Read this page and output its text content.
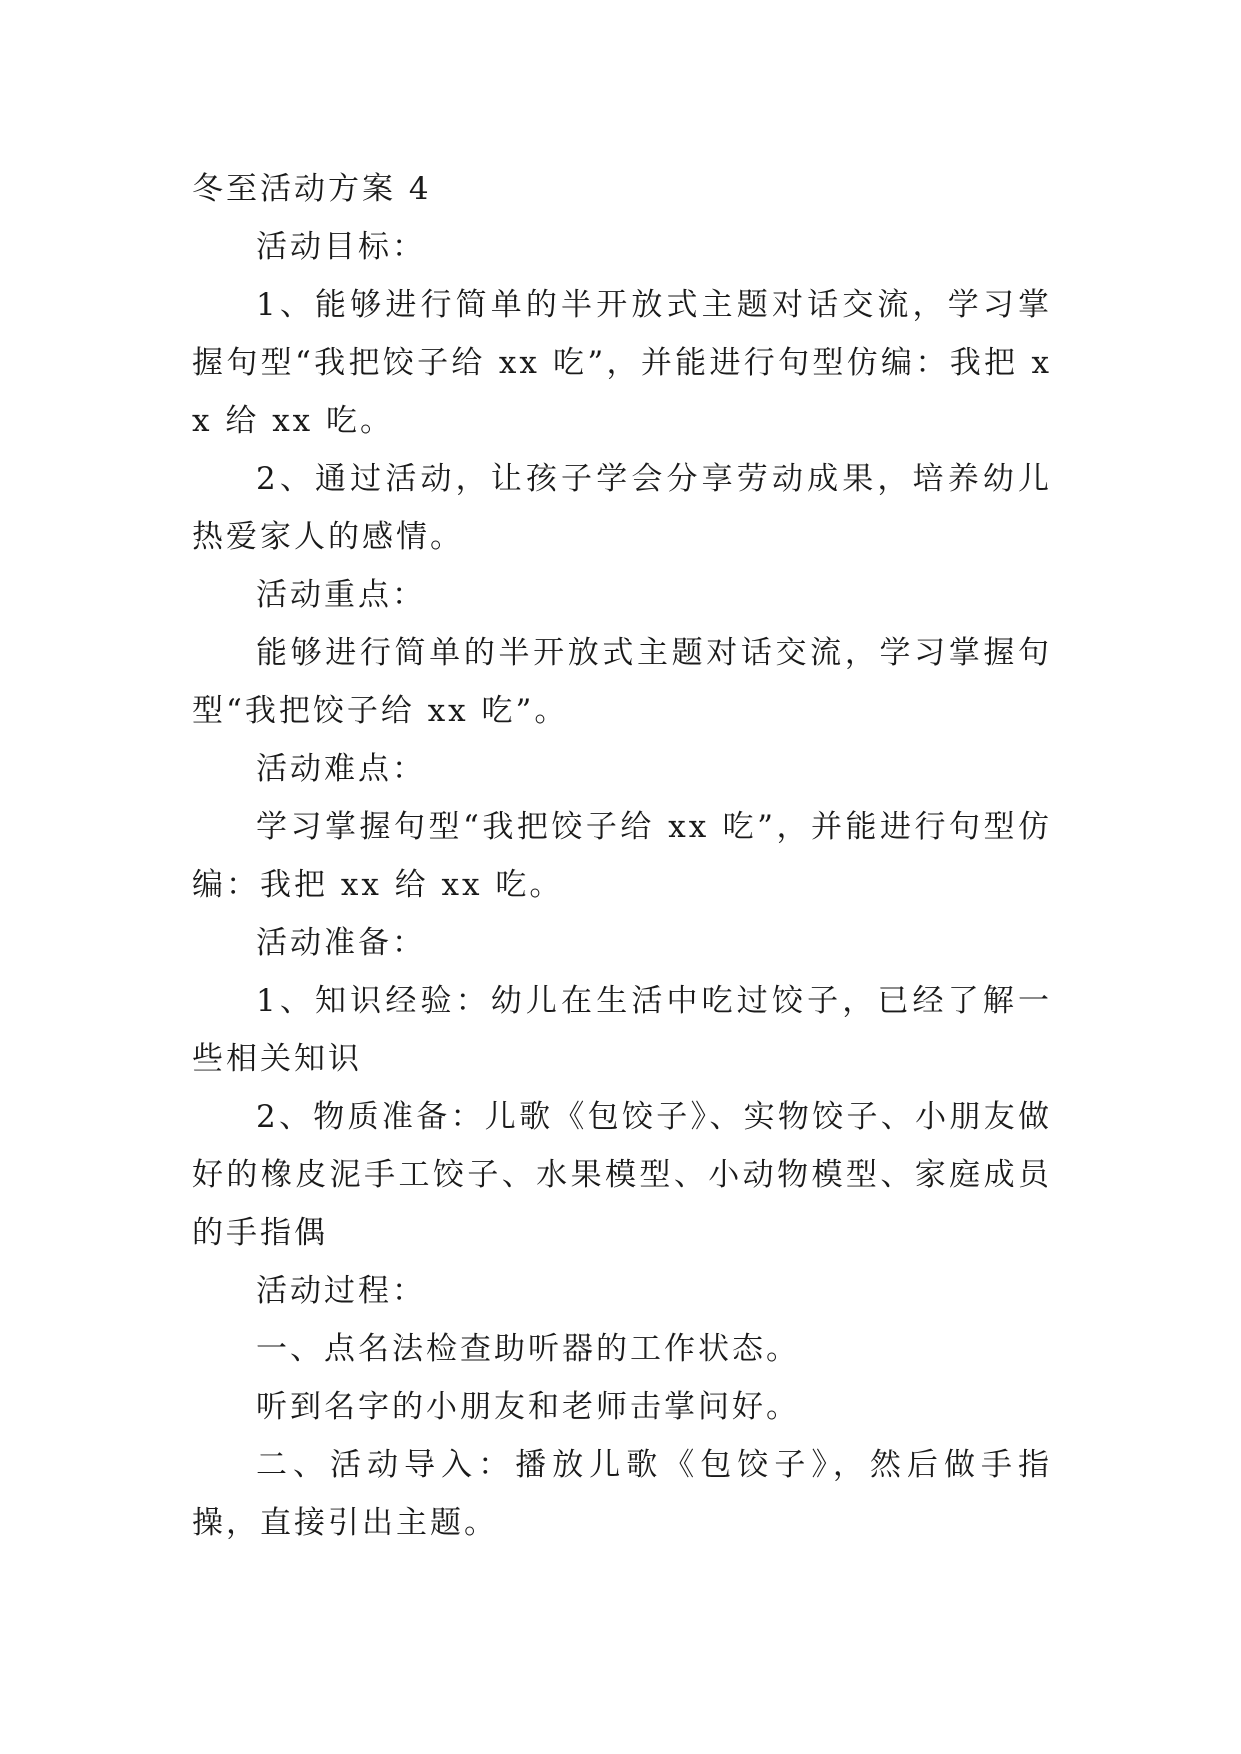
冬至活动方案 4

活动目标：

1、能够进行简单的半开放式主题对话交流，学习掌握句型“我把饺子给 xx 吃”，并能进行句型仿编：我把 xx 给 xx 吃。

2、通过活动，让孩子学会分享劳动成果，培养幼儿热爱家人的感情。

活动重点：

能够进行简单的半开放式主题对话交流，学习掌握句型“我把饺子给 xx 吃”。

活动难点：

学习掌握句型“我把饺子给 xx 吃”，并能进行句型仿编：我把 xx 给 xx 吃。

活动准备：

1、知识经验：幼儿在生活中吃过饺子，已经了解一些相关知识

2、物质准备：儿歌《包饺子》、实物饺子、小朋友做好的橡皮泥手工饺子、水果模型、小动物模型、家庭成员的手指偶

活动过程：

一、点名法检查助听器的工作状态。

听到名字的小朋友和老师击掌问好。

二、活动导入：播放儿歌《包饺子》，然后做手指操，直接引出主题。
